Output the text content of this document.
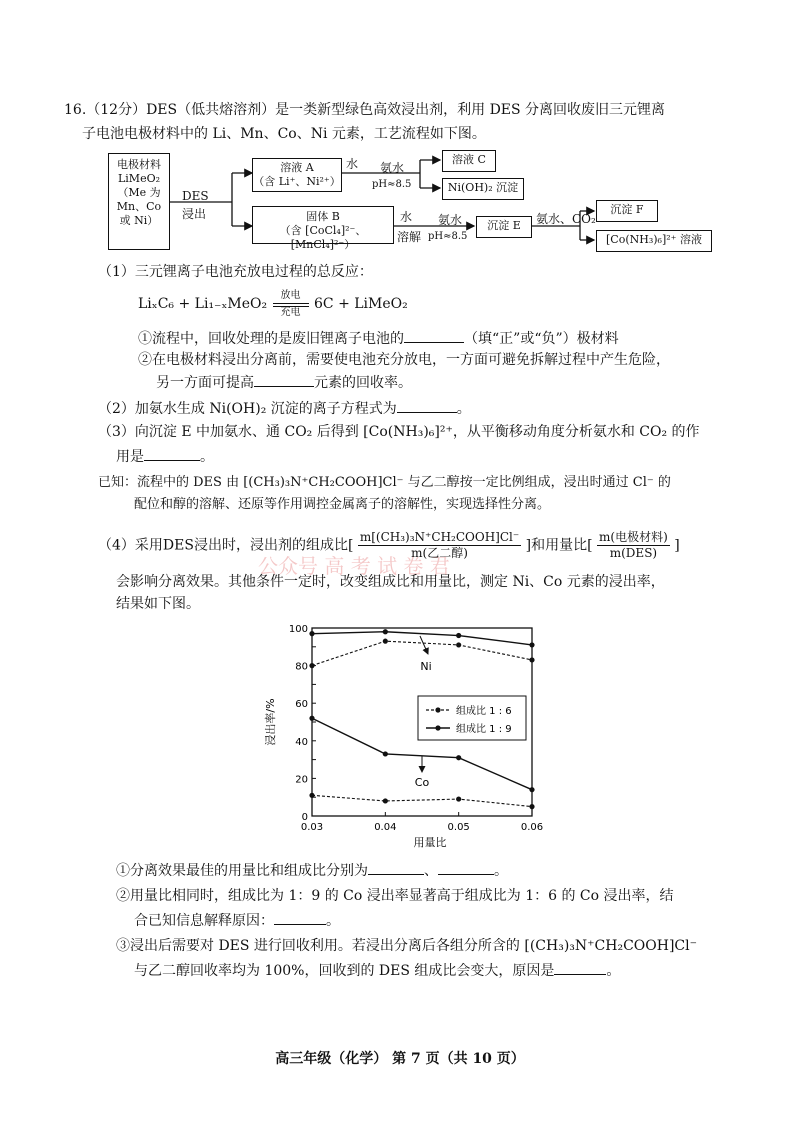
16.（12分）DES（低共熔溶剂）是一类新型绿色高效浸出剂，利用 DES 分离回收废旧三元锂离
子电池电极材料中的 Li、Mn、Co、Ni 元素，工艺流程如下图。
电极材料
LiMeO₂
（Me 为
Mn、Co
或 Ni）
DES
浸出
溶液 A
（含 Li⁺、Ni²⁺）
水 氨水
pH≈8.5
溶液 C
Ni(OH)₂ 沉淀
固体 B
（含 [CoCl₄]²⁻、[MnCl₄]²⁻）
水
溶解
氨水
pH≈8.5
沉淀 E	氨水、CO₂
沉淀 F
[Co(NH₃)₆]²⁺ 溶液
（1）三元锂离子电池充放电过程的总反应：
LiₓC₆ + Li₁₋ₓMeO₂
放电
充电
6C + LiMeO₂
①流程中，回收处理的是废旧锂离子电池的	（填“正”或“负”）极材料
②在电极材料浸出分离前，需要使电池充分放电，一方面可避免拆解过程中产生危险，
另一方面可提高	元素的回收率。
（2）加氨水生成 Ni(OH)₂ 沉淀的离子方程式为	。
（3）向沉淀 E 中加氨水、通 CO₂ 后得到 [Co(NH₃)₆]²⁺，从平衡移动角度分析氨水和 CO₂ 的作
用是	。
已知：流程中的 DES 由 [(CH₃)₃N⁺CH₂COOH]Cl⁻ 与乙二醇按一定比例组成，浸出时通过 Cl⁻ 的
配位和醇的溶解、还原等作用调控金属离子的溶解性，实现选择性分离。
公众号 高 考 试 卷 君
（4）采用DES浸出时，浸出剂的组成比[ $\frac{\text{m[(CH₃)₃N⁺CH₂COOH]Cl⁻}}{\text{m(乙二醇)}}$ ]和用量比[ $\frac{\text{m(电极材料)}}{\text{m(DES)}}$ ]
会影响分离效果。其他条件一定时，改变组成比和用量比，测定 Ni、Co 元素的浸出率，
结果如下图。
0
20
40
60
80
100
0.03	0.04	0.05	0.06
用量比
浸出率/%
Ni
Co
组成比 1 : 6
组成比 1 : 9
①分离效果最佳的用量比和组成比分别为	、	。
②用量比相同时，组成比为 1：9 的 Co 浸出率显著高于组成比为 1：6 的 Co 浸出率，结
合已知信息解释原因：	。
③浸出后需要对 DES 进行回收利用。若浸出分离后各组分所含的 [(CH₃)₃N⁺CH₂COOH]Cl⁻
与乙二醇回收率均为 100%，回收到的 DES 组成比会变大，原因是	。
高三年级（化学） 第 7 页（共 10 页）
